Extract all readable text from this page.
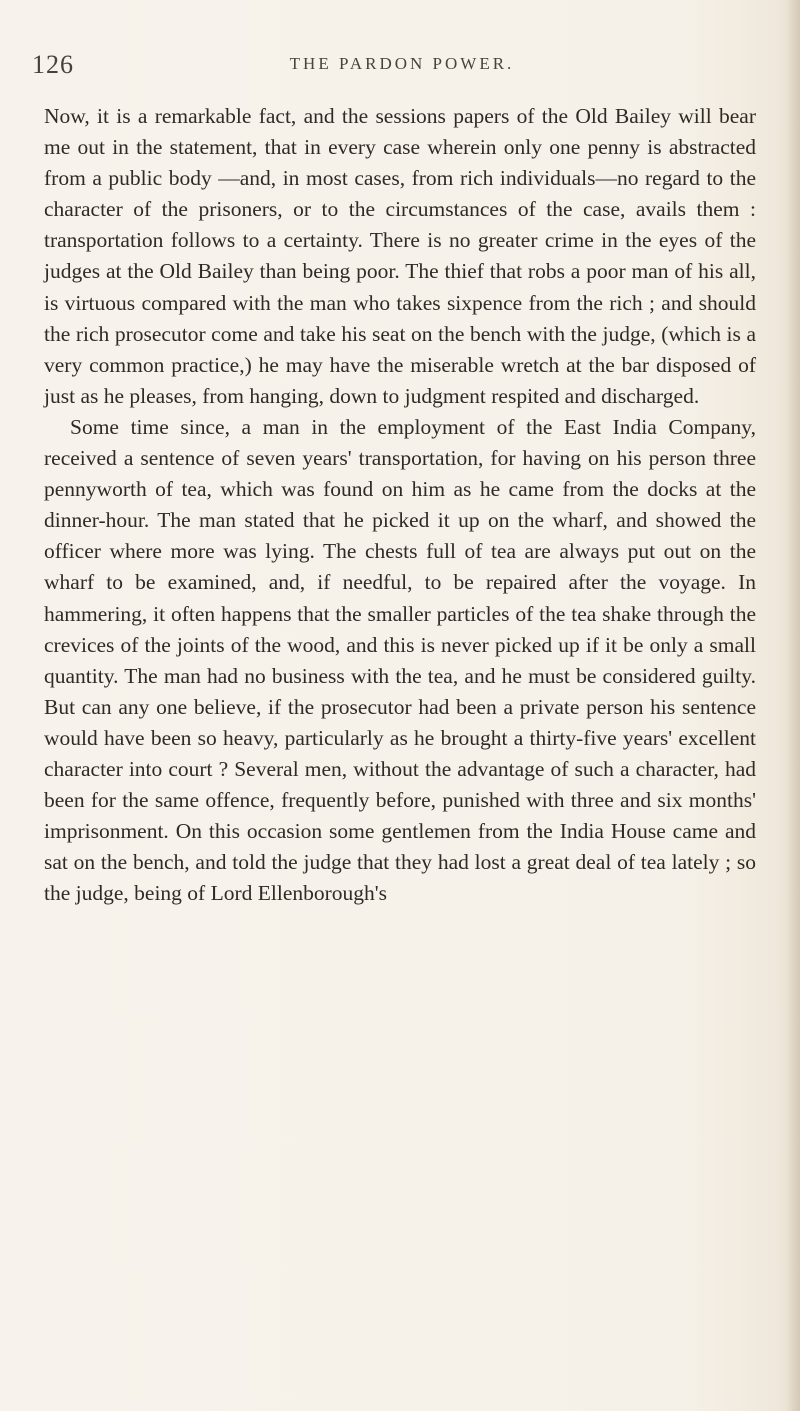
126	THE PARDON POWER.

Now, it is a remarkable fact, and the sessions papers of the Old Bailey will bear me out in the statement, that in every case wherein only one penny is abstracted from a public body —and, in most cases, from rich individuals—no regard to the character of the prisoners, or to the circumstances of the case, avails them : transportation follows to a certainty. There is no greater crime in the eyes of the judges at the Old Bailey than being poor. The thief that robs a poor man of his all, is virtuous compared with the man who takes sixpence from the rich ; and should the rich prosecutor come and take his seat on the bench with the judge, (which is a very common practice,) he may have the miserable wretch at the bar disposed of just as he pleases, from hanging, down to judgment respited and discharged.

Some time since, a man in the employment of the East India Company, received a sentence of seven years' transportation, for having on his person three pennyworth of tea, which was found on him as he came from the docks at the dinner-hour. The man stated that he picked it up on the wharf, and showed the officer where more was lying. The chests full of tea are always put out on the wharf to be examined, and, if needful, to be repaired after the voyage. In hammering, it often happens that the smaller particles of the tea shake through the crevices of the joints of the wood, and this is never picked up if it be only a small quantity. The man had no business with the tea, and he must be considered guilty. But can any one believe, if the prosecutor had been a private person his sentence would have been so heavy, particularly as he brought a thirty-five years' excellent character into court ? Several men, without the advantage of such a character, had been for the same offence, frequently before, punished with three and six months' imprisonment. On this occasion some gentlemen from the India House came and sat on the bench, and told the judge that they had lost a great deal of tea lately ; so the judge, being of Lord Ellenborough's
